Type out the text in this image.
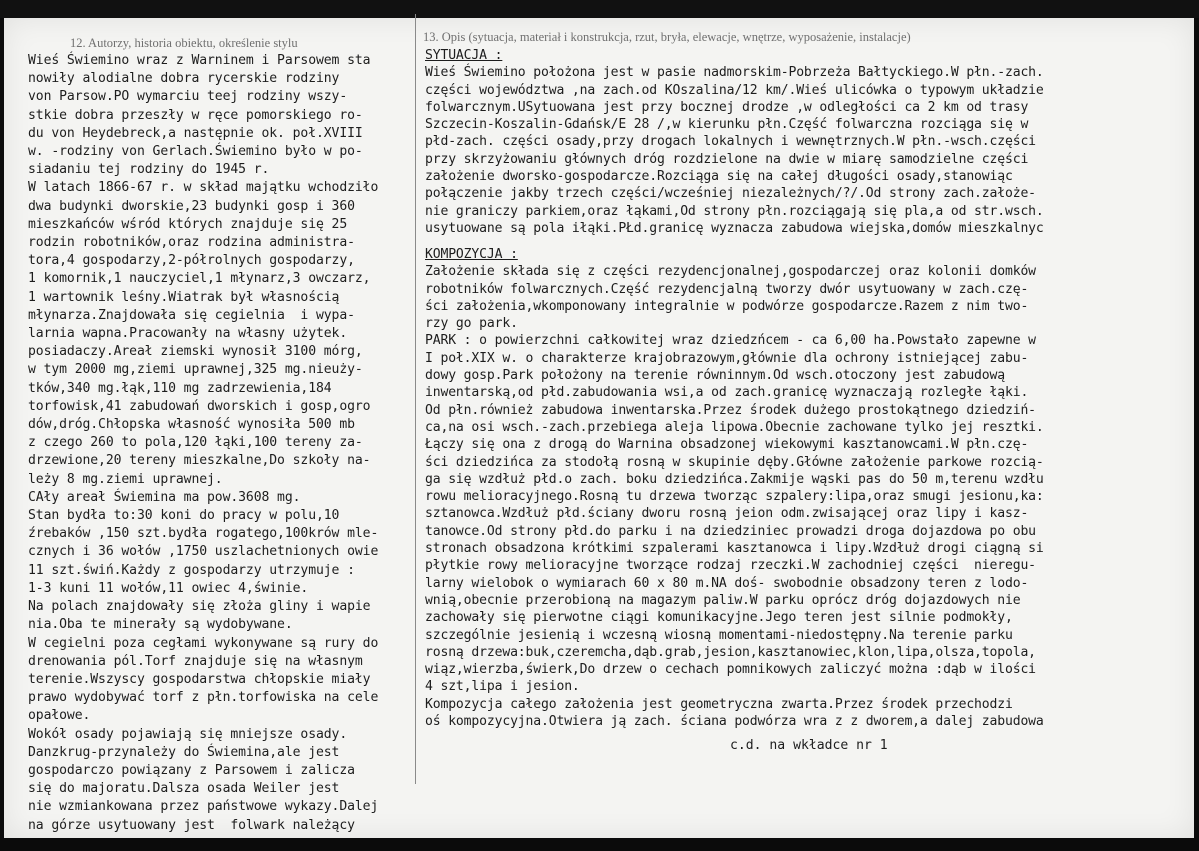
12. Autorzy, historia obiektu, określenie stylu	13. Opis (sytuacja, materiał i konstrukcja, rzut, bryła, elewacje, wnętrze, wyposażenie, instalacje)
Wieś Świemino wraz z Warninem i Parsowem sta
nowiły alodialne dobra rycerskie rodziny
von Parsow.PO wymarciu teej rodziny wszy-
stkie dobra przeszły w ręce pomorskiego ro-
du von Heydebreck,a następnie ok. poł.XVIII
w. -rodziny von Gerlach.Świemino było w po-
siadaniu tej rodziny do 1945 r.
W latach 1866-67 r. w skład majątku wchodziło
dwa budynki dworskie,23 budynki gosp i 360
mieszkańców wśród których znajduje się 25
rodzin robotników,oraz rodzina administra-
tora,4 gospodarzy,2-półrolnych gospodarzy,
1 komornik,1 nauczyciel,1 młynarz,3 owczarz,
1 wartownik leśny.Wiatrak był własnością
młynarza.Znajdowała się cegielnia  i wypa-
larnia wapna.Pracowanły na własny użytek.
posiadaczy.Areał ziemski wynosił 3100 mórg,
w tym 2000 mg,ziemi uprawnej,325 mg.nieuży-
tków,340 mg.łąk,110 mg zadrzewienia,184
torfowisk,41 zabudowań dworskich i gosp,ogro
dów,dróg.Chłopska własność wynosiła 500 mb
z czego 260 to pola,120 łąki,100 tereny za-
drzewione,20 tereny mieszkalne,Do szkoły na-
leży 8 mg.ziemi uprawnej.
CAły areał Świemina ma pow.3608 mg.
Stan bydła to:30 koni do pracy w polu,10
źrebaków ,150 szt.bydła rogatego,100krów mle-
cznych i 36 wołów ,1750 uszlachetnionych owie
11 szt.świń.Każdy z gospodarzy utrzymuje :
1-3 kuni 11 wołów,11 owiec 4,świnie.
Na polach znajdowały się złoża gliny i wapie
nia.Oba te minerały są wydobywane.
W cegielni poza cegłami wykonywane są rury do
drenowania pól.Torf znajduje się na własnym
terenie.Wszyscy gospodarstwa chłopskie miały
prawo wydobywać torf z płn.torfowiska na cele
opałowe.
Wokół osady pojawiają się mniejsze osady.
Danzkrug-przynależy do Świemina,ale jest
gospodarczo powiązany z Parsowem i zalicza
się do majoratu.Dalsza osada Weiler jest
nie wzmiankowana przez państwowe wykazy.Dalej
na górze usytuowany jest  folwark należący
SYTUACJA :
Wieś Świemino położona jest w pasie nadmorskim-Pobrzeża Bałtyckiego.W płn.-zach.
części województwa ,na zach.od KOszalina/12 km/.Wieś ulicówka o typowym układzie
folwarcznym.USytuowana jest przy bocznej drodze ,w odległości ca 2 km od trasy
Szczecin-Koszalin-Gdańsk/E 28 /,w kierunku płn.Część folwarczna rozciąga się w
płd-zach. części osady,przy drogach lokalnych i wewnętrznych.W płn.-wsch.części
przy skrzyżowaniu głównych dróg rozdzielone na dwie w miarę samodzielne części
założenie dworsko-gospodarcze.Rozciąga się na całej długości osady,stanowiąc
połączenie jakby trzech części/wcześniej niezależnych/?/.Od strony zach.założe-
nie graniczy parkiem,oraz łąkami,Od strony płn.rozciągają się pla,a od str.wsch.
usytuowane są pola iłąki.PŁd.granicę wyznacza zabudowa wiejska,domów mieszkalnyc
KOMPOZYCJA :
Założenie składa się z części rezydencjonalnej,gospodarczej oraz kolonii domków
robotników folwarcznych.Część rezydencjalną tworzy dwór usytuowany w zach.czę-
ści założenia,wkomponowany integralnie w podwórze gospodarcze.Razem z nim two-
rzy go park.
PARK : o powierzchni całkowitej wraz dziedzńcem - ca 6,00 ha.Powstało zapewne w
I poł.XIX w. o charakterze krajobrazowym,głównie dla ochrony istniejącej zabu-
dowy gosp.Park położony na terenie równinnym.Od wsch.otoczony jest zabudową
inwentarską,od płd.zabudowania wsi,a od zach.granicę wyznaczają rozległe łąki.
Od płn.również zabudowa inwentarska.Przez środek dużego prostokątnego dziedziń-
ca,na osi wsch.-zach.przebiega aleja lipowa.Obecnie zachowane tylko jej resztki.
Łączy się ona z drogą do Warnina obsadzonej wiekowymi kasztanowcami.W płn.czę-
ści dziedzińca za stodołą rosną w skupinie dęby.Główne założenie parkowe rozcią-
ga się wzdłuż płd.o zach. boku dziedzińca.Zakmije wąski pas do 50 m,terenu wzdłu
rowu melioracyjnego.Rosną tu drzewa tworząc szpalery:lipa,oraz smugi jesionu,ka:
sztanowca.Wzdłuż płd.ściany dworu rosną jeion odm.zwisającej oraz lipy i kasz-
tanowce.Od strony płd.do parku i na dziedziniec prowadzi droga dojazdowa po obu
stronach obsadzona krótkimi szpalerami kasztanowca i lipy.Wzdłuż drogi ciągną si
płytkie rowy melioracyjne tworzące rodzaj rzeczki.W zachodniej części  nieregu-
larny wielobok o wymiarach 60 x 80 m.NA doś- swobodnie obsadzony teren z lodo-
wnią,obecnie przerobioną na magazym paliw.W parku oprócz dróg dojazdowych nie
zachowały się pierwotne ciągi komunikacyjne.Jego teren jest silnie podmokły,
szczególnie jesienią i wczesną wiosną momentami-niedostępny.Na terenie parku
rosną drzewa:buk,czeremcha,dąb.grab,jesion,kasztanowiec,klon,lipa,olsza,topola,
wiąz,wierzba,świerk,Do drzew o cechach pomnikowych zaliczyć można :dąb w ilości
4 szt,lipa i jesion.
Kompozycja całego założenia jest geometryczna zwarta.Przez środek przechodzi
oś kompozycyjna.Otwiera ją zach. ściana podwórza wra z z dworem,a dalej zabudowa
c.d. na wkładce nr 1
